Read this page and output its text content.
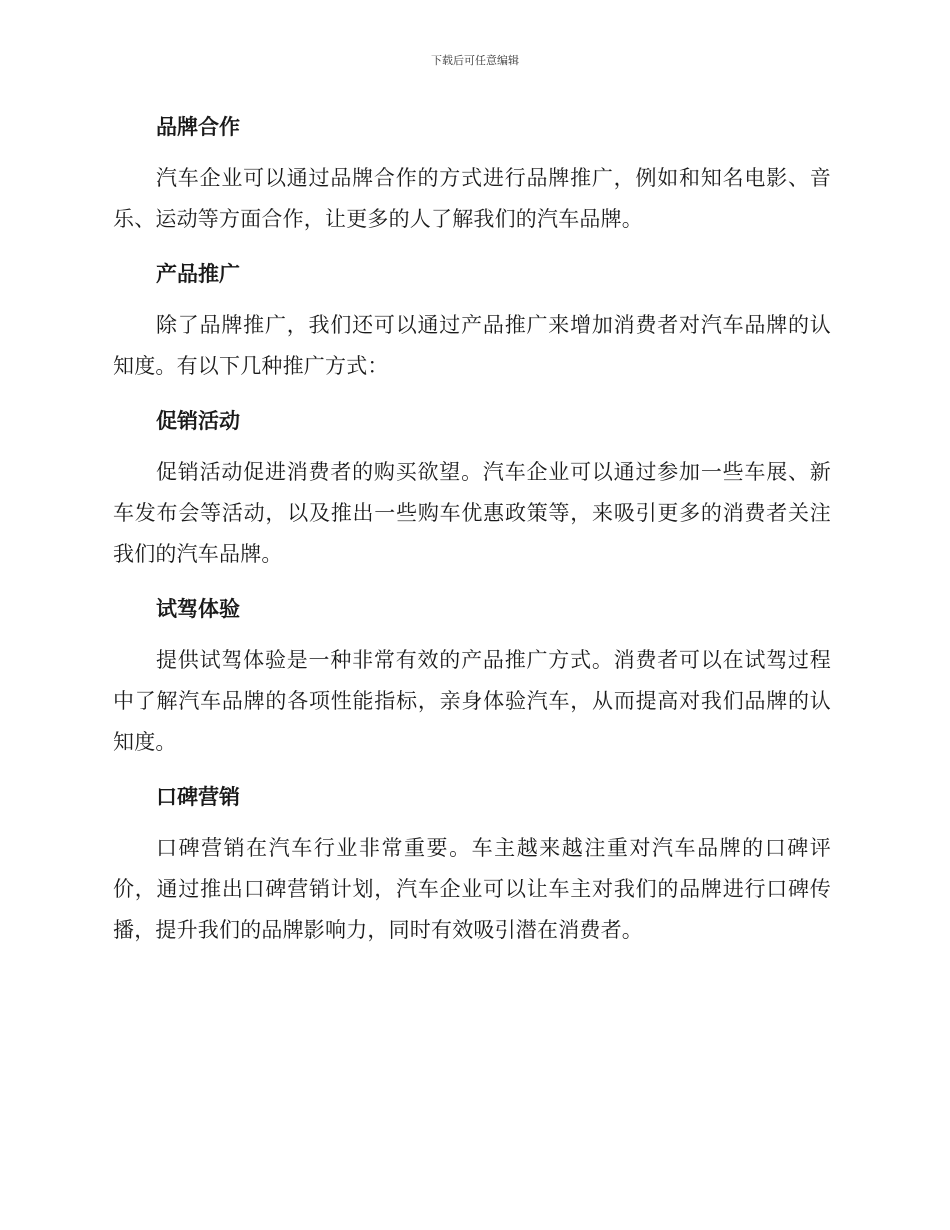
下载后可任意编辑
品牌合作

汽车企业可以通过品牌合作的方式进行品牌推广，例如和知名电影、音乐、运动等方面合作，让更多的人了解我们的汽车品牌。

产品推广

除了品牌推广，我们还可以通过产品推广来增加消费者对汽车品牌的认知度。有以下几种推广方式：

促销活动

促销活动促进消费者的购买欲望。汽车企业可以通过参加一些车展、新车发布会等活动，以及推出一些购车优惠政策等，来吸引更多的消费者关注我们的汽车品牌。

试驾体验

提供试驾体验是一种非常有效的产品推广方式。消费者可以在试驾过程中了解汽车品牌的各项性能指标，亲身体验汽车，从而提高对我们品牌的认知度。

口碑营销

口碑营销在汽车行业非常重要。车主越来越注重对汽车品牌的口碑评价，通过推出口碑营销计划，汽车企业可以让车主对我们的品牌进行口碑传播，提升我们的品牌影响力，同时有效吸引潜在消费者。
